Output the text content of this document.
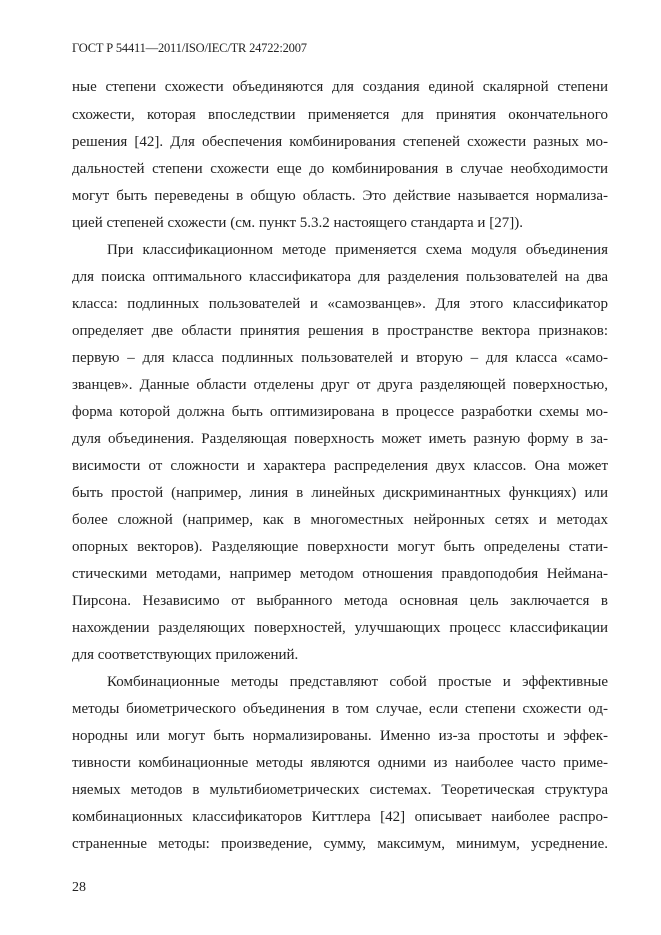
ГОСТ Р 54411—2011/ISO/IEC/TR 24722:2007
ные степени схожести объединяются для создания единой скалярной степени
схожести, которая впоследствии применяется для принятия окончательного
решения [42]. Для обеспечения комбинирования степеней схожести разных мо-
дальностей степени схожести еще до комбинирования в случае необходимости
могут быть переведены в общую область. Это действие называется нормализа-
цией степеней схожести (см. пункт 5.3.2 настоящего стандарта и [27]).
При классификационном методе применяется схема модуля объединения
для поиска оптимального классификатора для разделения пользователей на два
класса: подлинных пользователей и «самозванцев». Для этого классификатор
определяет две области принятия решения в пространстве вектора признаков:
первую – для класса подлинных пользователей и вторую – для класса «само-
званцев». Данные области отделены друг от друга разделяющей поверхностью,
форма которой должна быть оптимизирована в процессе разработки схемы мо-
дуля объединения. Разделяющая поверхность может иметь разную форму в за-
висимости от сложности и характера распределения двух классов. Она может
быть простой (например, линия в линейных дискриминантных функциях) или
более сложной (например, как в многоместных нейронных сетях и методах
опорных векторов). Разделяющие поверхности могут быть определены стати-
стическими методами, например методом отношения правдоподобия Неймана-
Пирсона. Независимо от выбранного метода основная цель заключается в
нахождении разделяющих поверхностей, улучшающих процесс классификации
для соответствующих приложений.
Комбинационные методы представляют собой простые и эффективные
методы биометрического объединения в том случае, если степени схожести од-
нородны или могут быть нормализированы. Именно из-за простоты и эффек-
тивности комбинационные методы являются одними из наиболее часто приме-
няемых методов в мультибиометрических системах. Теоретическая структура
комбинационных классификаторов Киттлера [42] описывает наиболее распро-
страненные методы: произведение, сумму, максимум, минимум, усреднение.
28
